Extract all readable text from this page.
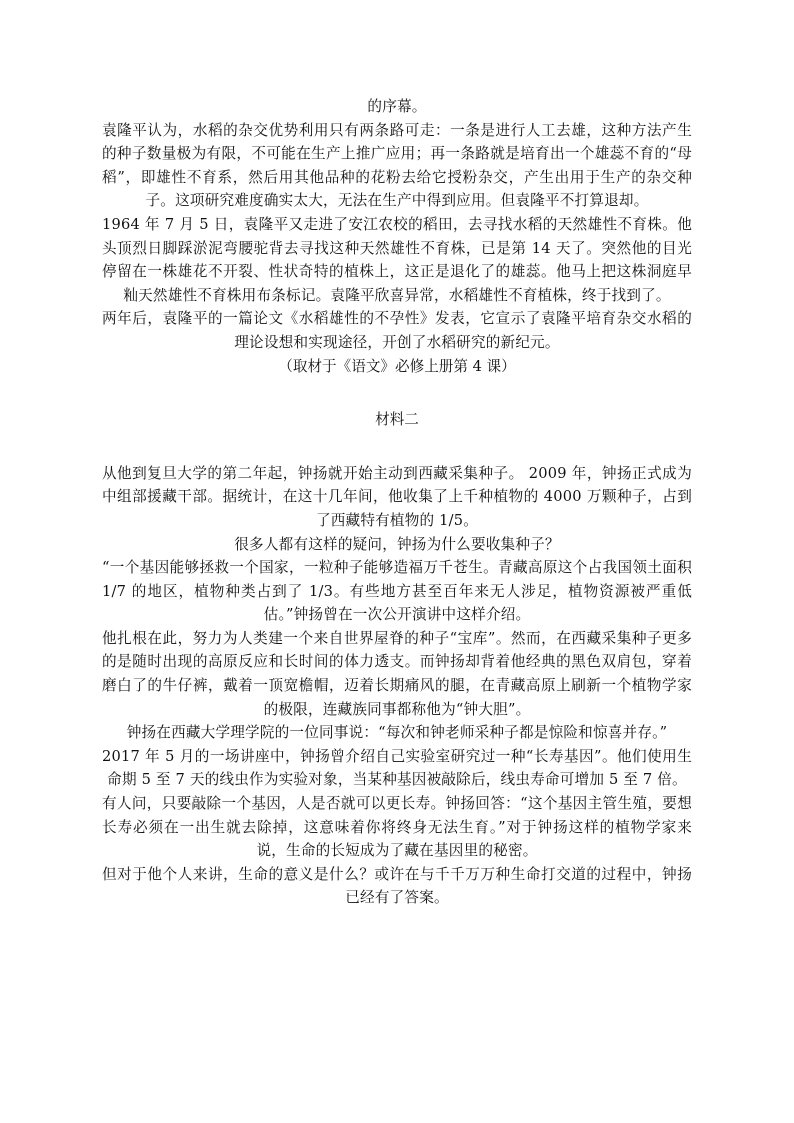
的序幕。

袁隆平认为，水稻的杂交优势利用只有两条路可走：一条是进行人工去雄，这种方法产生的种子数量极为有限，不可能在生产上推广应用；再一条路就是培育出一个雄蕊不育的“母稻”，即雄性不育系，然后用其他品种的花粉去给它授粉杂交，产生出用于生产的杂交种子。这项研究难度确实太大，无法在生产中得到应用。但袁隆平不打算退却。

1964 年 7 月 5 日，袁隆平又走进了安江农校的稻田，去寻找水稻的天然雄性不育株。他头顶烈日脚踩淤泥弯腰驼背去寻找这种天然雄性不育株，已是第 14 天了。突然他的目光停留在一株雄花不开裂、性状奇特的植株上，这正是退化了的雄蕊。他马上把这株洞庭早籼天然雄性不育株用布条标记。袁隆平欣喜异常，水稻雄性不育植株，终于找到了。

两年后，袁隆平的一篇论文《水稻雄性的不孕性》发表，它宣示了袁隆平培育杂交水稻的理论设想和实现途径，开创了水稻研究的新纪元。

（取材于《语文》必修上册第 4 课）

材料二

从他到复旦大学的第二年起，钟扬就开始主动到西藏采集种子。 2009 年，钟扬正式成为中组部援藏干部。据统计，在这十几年间，他收集了上千种植物的 4000 万颗种子，占到了西藏特有植物的 1/5。

很多人都有这样的疑问，钟扬为什么要收集种子？

“一个基因能够拯救一个国家，一粒种子能够造福万千苍生。青藏高原这个占我国领土面积 1/7 的地区，植物种类占到了 1/3。有些地方甚至百年来无人涉足，植物资源被严重低估。”钟扬曾在一次公开演讲中这样介绍。

他扎根在此，努力为人类建一个来自世界屋脊的种子“宝库”。然而，在西藏采集种子更多的是随时出现的高原反应和长时间的体力透支。而钟扬却背着他经典的黑色双肩包，穿着磨白了的牛仔裤，戴着一顶宽檐帽，迈着长期痛风的腿，在青藏高原上刷新一个植物学家的极限，连藏族同事都称他为“钟大胆”。

钟扬在西藏大学理学院的一位同事说：“每次和钟老师采种子都是惊险和惊喜并存。”

2017 年 5 月的一场讲座中，钟扬曾介绍自己实验室研究过一种“长寿基因”。他们使用生命期 5 至 7 天的线虫作为实验对象，当某种基因被敲除后，线虫寿命可增加 5 至 7 倍。

有人问，只要敲除一个基因，人是否就可以更长寿。钟扬回答：“这个基因主管生殖，要想长寿必须在一出生就去除掉，这意味着你将终身无法生育。”对于钟扬这样的植物学家来说，生命的长短成为了藏在基因里的秘密。

但对于他个人来讲，生命的意义是什么？或许在与千千万万种生命打交道的过程中，钟扬已经有了答案。
